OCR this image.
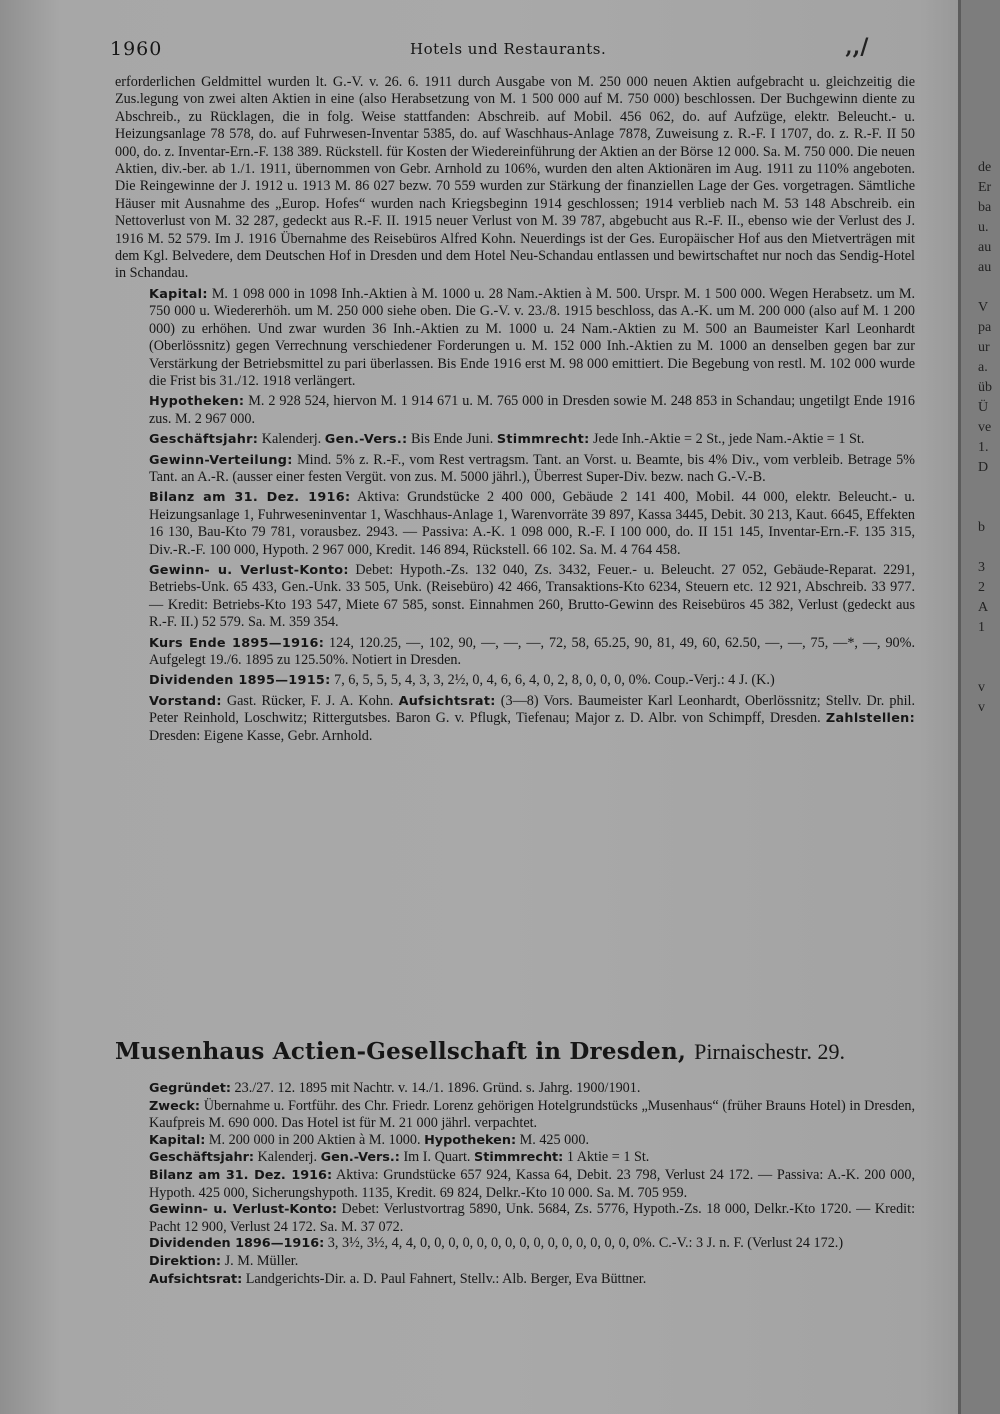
de
Er
ba
u.
au
au
V
pa
ur
a.
üb
Ü
ve
1.
D
b
3
2
A
1
v
v
1960	Hotels und Restaurants.	‚,/

erforderlichen Geldmittel wurden lt. G.-V. v. 26. 6. 1911 durch Ausgabe von M. 250 000 neuen Aktien aufgebracht u. gleichzeitig die Zus.legung von zwei alten Aktien in eine (also Herabsetzung von M. 1 500 000 auf M. 750 000) beschlossen. Der Buchgewinn diente zu Abschreib., zu Rücklagen, die in folg. Weise stattfanden: Abschreib. auf Mobil. 456 062, do. auf Aufzüge, elektr. Beleucht.- u. Heizungsanlage 78 578, do. auf Fuhrwesen-Inventar 5385, do. auf Waschhaus-Anlage 7878, Zuweisung z. R.-F. I 1707, do. z. R.-F. II 50 000, do. z. Inventar-Ern.-F. 138 389. Rückstell. für Kosten der Wiedereinführung der Aktien an der Börse 12 000. Sa. M. 750 000. Die neuen Aktien, div.-ber. ab 1./1. 1911, übernommen von Gebr. Arnhold zu 106%, wurden den alten Aktionären im Aug. 1911 zu 110% angeboten. Die Reingewinne der J. 1912 u. 1913 M. 86 027 bezw. 70 559 wurden zur Stärkung der finanziellen Lage der Ges. vorgetragen. Sämtliche Häuser mit Ausnahme des „Europ. Hofes“ wurden nach Kriegsbeginn 1914 geschlossen; 1914 verblieb nach M. 53 148 Abschreib. ein Nettoverlust von M. 32 287, gedeckt aus R.-F. II. 1915 neuer Verlust von M. 39 787, abgebucht aus R.-F. II., ebenso wie der Verlust des J. 1916 M. 52 579. Im J. 1916 Übernahme des Reisebüros Alfred Kohn. Neuerdings ist der Ges. Europäischer Hof aus den Mietverträgen mit dem Kgl. Belvedere, dem Deutschen Hof in Dresden und dem Hotel Neu-Schandau entlassen und bewirtschaftet nur noch das Sendig-Hotel in Schandau.

Kapital: M. 1 098 000 in 1098 Inh.-Aktien à M. 1000 u. 28 Nam.-Aktien à M. 500. Urspr. M. 1 500 000. Wegen Herabsetz. um M. 750 000 u. Wiedererhöh. um M. 250 000 siehe oben. Die G.-V. v. 23./8. 1915 beschloss, das A.-K. um M. 200 000 (also auf M. 1 200 000) zu erhöhen. Und zwar wurden 36 Inh.-Aktien zu M. 1000 u. 24 Nam.-Aktien zu M. 500 an Baumeister Karl Leonhardt (Oberlössnitz) gegen Verrechnung verschiedener Forderungen u. M. 152 000 Inh.-Aktien zu M. 1000 an denselben gegen bar zur Verstärkung der Betriebsmittel zu pari überlassen. Bis Ende 1916 erst M. 98 000 emittiert. Die Begebung von restl. M. 102 000 wurde die Frist bis 31./12. 1918 verlängert.

Hypotheken: M. 2 928 524, hiervon M. 1 914 671 u. M. 765 000 in Dresden sowie M. 248 853 in Schandau; ungetilgt Ende 1916 zus. M. 2 967 000.

Geschäftsjahr: Kalenderj. Gen.-Vers.: Bis Ende Juni. Stimmrecht: Jede Inh.-Aktie = 2 St., jede Nam.-Aktie = 1 St.

Gewinn-Verteilung: Mind. 5% z. R.-F., vom Rest vertragsm. Tant. an Vorst. u. Beamte, bis 4% Div., vom verbleib. Betrage 5% Tant. an A.-R. (ausser einer festen Vergüt. von zus. M. 5000 jährl.), Überrest Super-Div. bezw. nach G.-V.-B.

Bilanz am 31. Dez. 1916: Aktiva: Grundstücke 2 400 000, Gebäude 2 141 400, Mobil. 44 000, elektr. Beleucht.- u. Heizungsanlage 1, Fuhrweseninventar 1, Waschhaus-Anlage 1, Warenvorräte 39 897, Kassa 3445, Debit. 30 213, Kaut. 6645, Effekten 16 130, Bau-Kto 79 781, vorausbez. 2943. — Passiva: A.-K. 1 098 000, R.-F. I 100 000, do. II 151 145, Inventar-Ern.-F. 135 315, Div.-R.-F. 100 000, Hypoth. 2 967 000, Kredit. 146 894, Rückstell. 66 102. Sa. M. 4 764 458.

Gewinn- u. Verlust-Konto: Debet: Hypoth.-Zs. 132 040, Zs. 3432, Feuer.- u. Beleucht. 27 052, Gebäude-Reparat. 2291, Betriebs-Unk. 65 433, Gen.-Unk. 33 505, Unk. (Reisebüro) 42 466, Transaktions-Kto 6234, Steuern etc. 12 921, Abschreib. 33 977. — Kredit: Betriebs-Kto 193 547, Miete 67 585, sonst. Einnahmen 260, Brutto-Gewinn des Reisebüros 45 382, Verlust (gedeckt aus R.-F. II.) 52 579. Sa. M. 359 354.

Kurs Ende 1895—1916: 124, 120.25, —, 102, 90, —, —, —, 72, 58, 65.25, 90, 81, 49, 60, 62.50, —, —, 75, —*, —, 90%. Aufgelegt 19./6. 1895 zu 125.50%. Notiert in Dresden.

Dividenden 1895—1915: 7, 6, 5, 5, 5, 4, 3, 3, 2½, 0, 4, 6, 6, 4, 0, 2, 8, 0, 0, 0, 0%. Coup.-Verj.: 4 J. (K.)

Vorstand: Gast. Rücker, F. J. A. Kohn. Aufsichtsrat: (3—8) Vors. Baumeister Karl Leonhardt, Oberlössnitz; Stellv. Dr. phil. Peter Reinhold, Loschwitz; Rittergutsbes. Baron G. v. Pflugk, Tiefenau; Major z. D. Albr. von Schimpff, Dresden. Zahlstellen: Dresden: Eigene Kasse, Gebr. Arnhold.

Musenhaus Actien-Gesellschaft in Dresden, Pirnaischestr. 29.

Gegründet: 23./27. 12. 1895 mit Nachtr. v. 14./1. 1896. Gründ. s. Jahrg. 1900/1901.

Zweck: Übernahme u. Fortführ. des Chr. Friedr. Lorenz gehörigen Hotelgrundstücks „Musenhaus“ (früher Brauns Hotel) in Dresden, Kaufpreis M. 690 000. Das Hotel ist für M. 21 000 jährl. verpachtet.

Kapital: M. 200 000 in 200 Aktien à M. 1000. Hypotheken: M. 425 000.

Geschäftsjahr: Kalenderj. Gen.-Vers.: Im I. Quart. Stimmrecht: 1 Aktie = 1 St.

Bilanz am 31. Dez. 1916: Aktiva: Grundstücke 657 924, Kassa 64, Debit. 23 798, Verlust 24 172. — Passiva: A.-K. 200 000, Hypoth. 425 000, Sicherungshypoth. 1135, Kredit. 69 824, Delkr.-Kto 10 000. Sa. M. 705 959.

Gewinn- u. Verlust-Konto: Debet: Verlustvortrag 5890, Unk. 5684, Zs. 5776, Hypoth.-Zs. 18 000, Delkr.-Kto 1720. — Kredit: Pacht 12 900, Verlust 24 172. Sa. M. 37 072.

Dividenden 1896—1916: 3, 3½, 3½, 4, 4, 0, 0, 0, 0, 0, 0, 0, 0, 0, 0, 0, 0, 0, 0, 0, 0%. C.-V.: 3 J. n. F. (Verlust 24 172.)

Direktion: J. M. Müller.

Aufsichtsrat: Landgerichts-Dir. a. D. Paul Fahnert, Stellv.: Alb. Berger, Eva Büttner.
